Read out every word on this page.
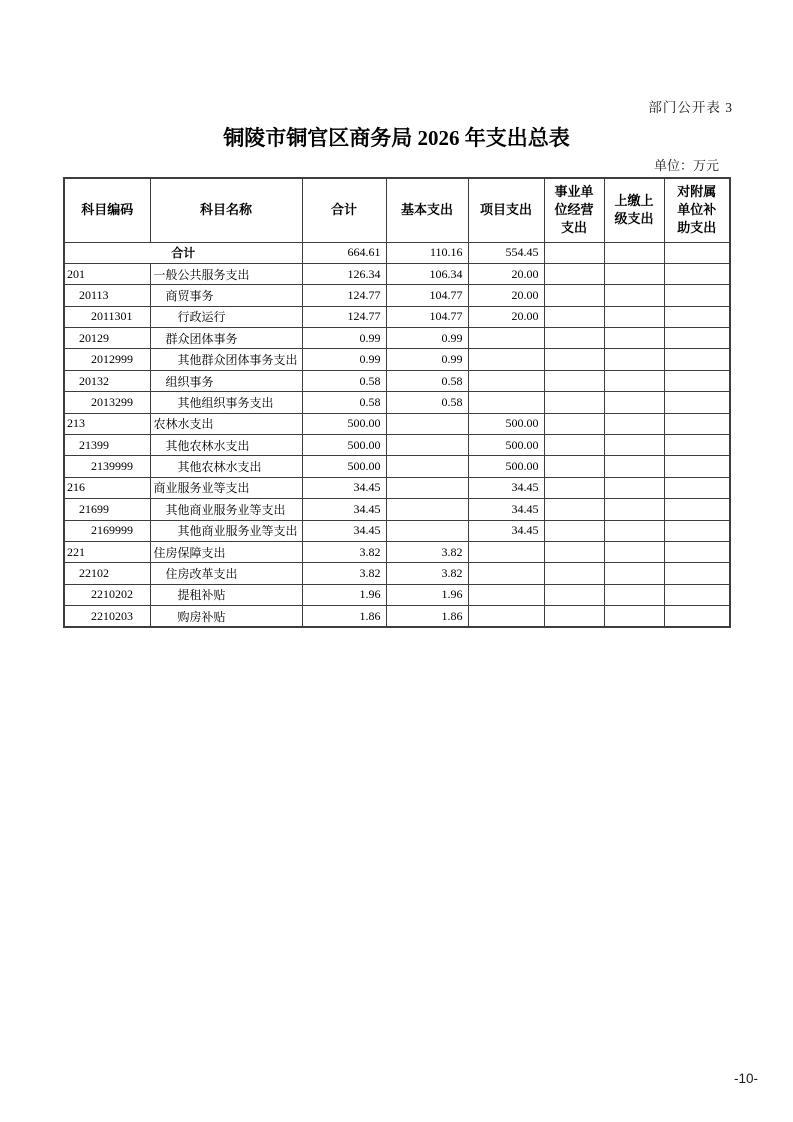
部门公开表 3
铜陵市铜官区商务局 2026 年支出总表
单位：万元
科目编码	科目名称	合计	基本支出	项目支出	事业单位经营支出	上缴上级支出	对附属单位补助支出
合计		664.61	110.16	554.45			
201	一般公共服务支出	126.34	106.34	20.00			
20113	商贸事务	124.77	104.77	20.00			
2011301	行政运行	124.77	104.77	20.00			
20129	群众团体事务	0.99	0.99				
2012999	其他群众团体事务支出	0.99	0.99				
20132	组织事务	0.58	0.58				
2013299	其他组织事务支出	0.58	0.58				
213	农林水支出	500.00		500.00			
21399	其他农林水支出	500.00		500.00			
2139999	其他农林水支出	500.00		500.00			
216	商业服务业等支出	34.45		34.45			
21699	其他商业服务业等支出	34.45		34.45			
2169999	其他商业服务业等支出	34.45		34.45			
221	住房保障支出	3.82	3.82				
22102	住房改革支出	3.82	3.82				
2210202	提租补贴	1.96	1.96				
2210203	购房补贴	1.86	1.86				
-10-
